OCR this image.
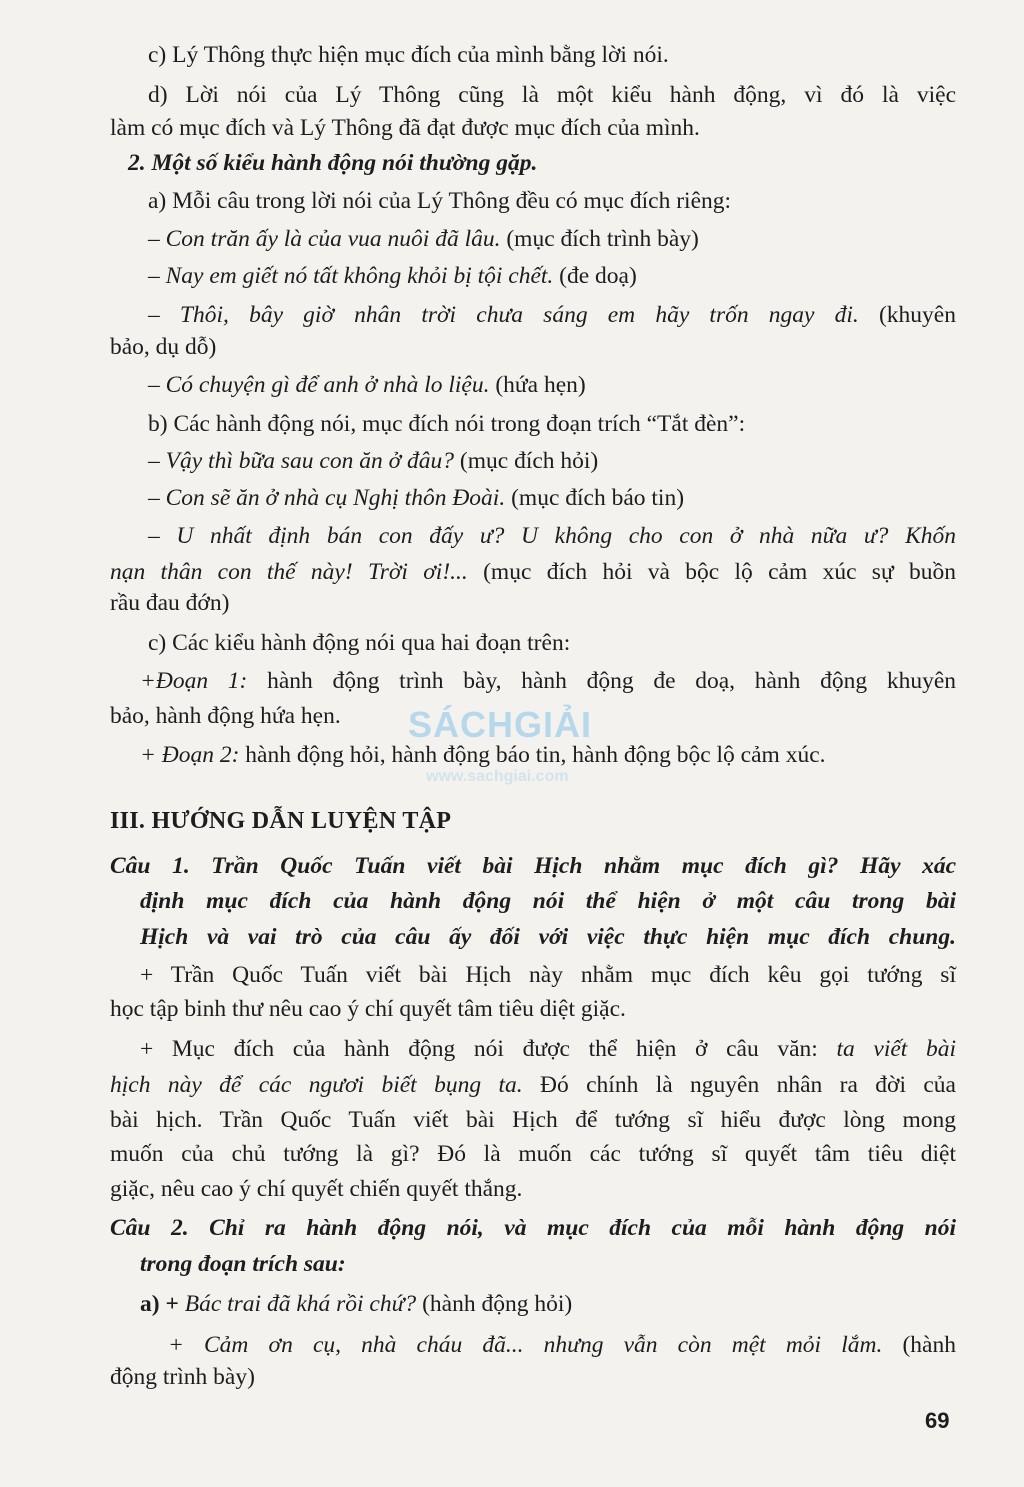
c) Lý Thông thực hiện mục đích của mình bằng lời nói.
d) Lời nói của Lý Thông cũng là một kiểu hành động, vì đó là việc
làm có mục đích và Lý Thông đã đạt được mục đích của mình.
2. Một số kiểu hành động nói thường gặp.
a) Mỗi câu trong lời nói của Lý Thông đều có mục đích riêng:
– Con trăn ấy là của vua nuôi đã lâu. (mục đích trình bày)
– Nay em giết nó tất không khỏi bị tội chết. (đe doạ)
– Thôi, bây giờ nhân trời chưa sáng em hãy trốn ngay đi. (khuyên
bảo, dụ dỗ)
– Có chuyện gì để anh ở nhà lo liệu. (hứa hẹn)
b) Các hành động nói, mục đích nói trong đoạn trích “Tắt đèn”:
– Vậy thì bữa sau con ăn ở đâu? (mục đích hỏi)
– Con sẽ ăn ở nhà cụ Nghị thôn Đoài. (mục đích báo tin)
– U nhất định bán con đấy ư? U không cho con ở nhà nữa ư? Khốn
nạn thân con thế này! Trời ơi!... (mục đích hỏi và bộc lộ cảm xúc sự buồn
rầu đau đớn)
c) Các kiểu hành động nói qua hai đoạn trên:
+Đoạn 1: hành động trình bày, hành động đe doạ, hành động khuyên
bảo, hành động hứa hẹn.
+ Đoạn 2: hành động hỏi, hành động báo tin, hành động bộc lộ cảm xúc.
III. HƯỚNG DẪN LUYỆN TẬP
Câu 1. Trần Quốc Tuấn viết bài Hịch nhằm mục đích gì? Hãy xác
định mục đích của hành động nói thể hiện ở một câu trong bài
Hịch và vai trò của câu ấy đối với việc thực hiện mục đích chung.
+ Trần Quốc Tuấn viết bài Hịch này nhằm mục đích kêu gọi tướng sĩ
học tập binh thư nêu cao ý chí quyết tâm tiêu diệt giặc.
+ Mục đích của hành động nói được thể hiện ở câu văn: ta viết bài
hịch này để các ngươi biết bụng ta. Đó chính là nguyên nhân ra đời của
bài hịch. Trần Quốc Tuấn viết bài Hịch để tướng sĩ hiểu được lòng mong
muốn của chủ tướng là gì? Đó là muốn các tướng sĩ quyết tâm tiêu diệt
giặc, nêu cao ý chí quyết chiến quyết thắng.
Câu 2. Chỉ ra hành động nói, và mục đích của mỗi hành động nói
trong đoạn trích sau:
a) + Bác trai đã khá rồi chứ? (hành động hỏi)
+ Cảm ơn cụ, nhà cháu đã... nhưng vẫn còn mệt mỏi lắm. (hành
động trình bày)
69
SÁCHGIẢI
www.sachgiai.com
